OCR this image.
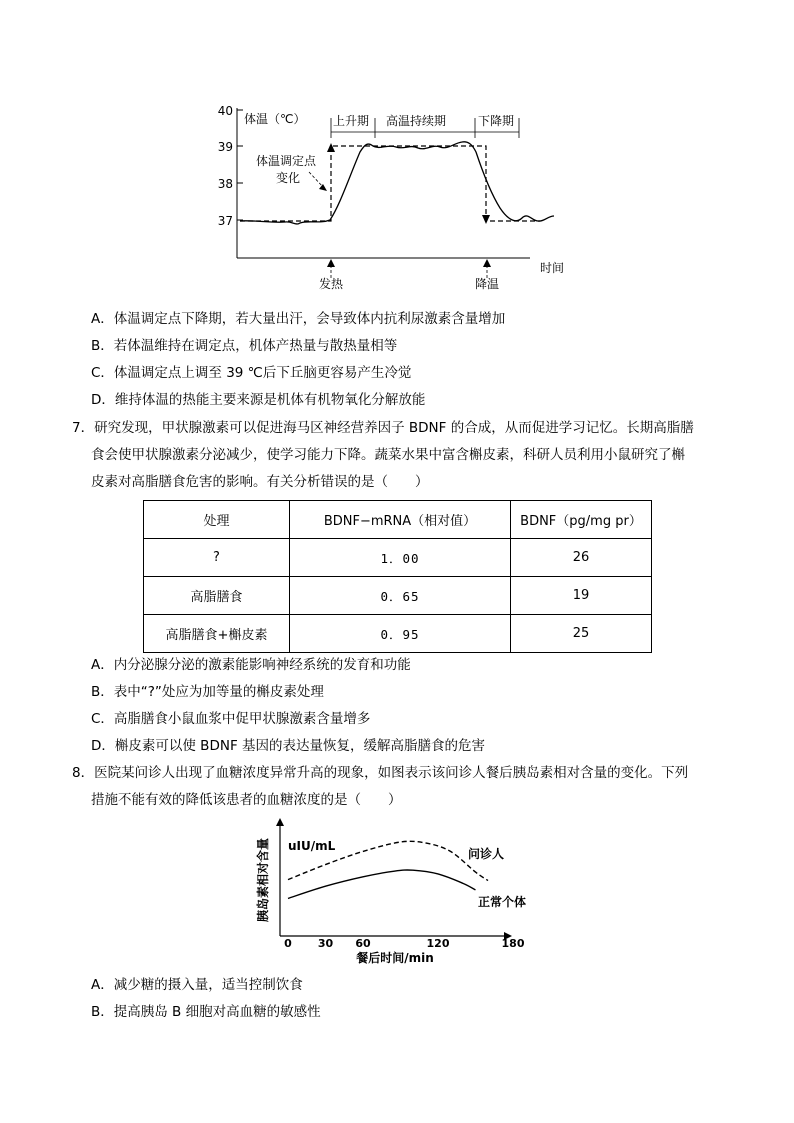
40
39
38
37
体温（℃） 上升期 高温持续期	下降期
体温调定点
变化
发热	降温
时间
A．体温调定点下降期，若大量出汗，会导致体内抗利尿激素含量增加
B．若体温维持在调定点，机体产热量与散热量相等
C．体温调定点上调至 39 ℃后下丘脑更容易产生冷觉
D．维持体温的热能主要来源是机体有机物氧化分解放能
7．研究发现，甲状腺激素可以促进海马区神经营养因子 BDNF 的合成，从而促进学习记忆。长期高脂膳
食会使甲状腺激素分泌减少，使学习能力下降。蔬菜水果中富含槲皮素，科研人员利用小鼠研究了槲
皮素对高脂膳食危害的影响。有关分析错误的是（　　）
处理	BDNF−mRNA（相对值）	BDNF（pg/mg pr）
?	1．00	26
高脂膳食	0．65	19
高脂膳食+槲皮素	0．95	25
A．内分泌腺分泌的激素能影响神经系统的发育和功能
B．表中“?”处应为加等量的槲皮素处理
C．高脂膳食小鼠血浆中促甲状腺激素含量增多
D．槲皮素可以使 BDNF 基因的表达量恢复，缓解高脂膳食的危害
8．医院某问诊人出现了血糖浓度异常升高的现象，如图表示该问诊人餐后胰岛素相对含量的变化。下列
措施不能有效的降低该患者的血糖浓度的是（　　）
胰岛素相对含量 uIU/mL
餐后时间/min
0 30 60	120	180
问诊人
正常个体
A．减少糖的摄入量，适当控制饮食
B．提高胰岛 B 细胞对高血糖的敏感性
